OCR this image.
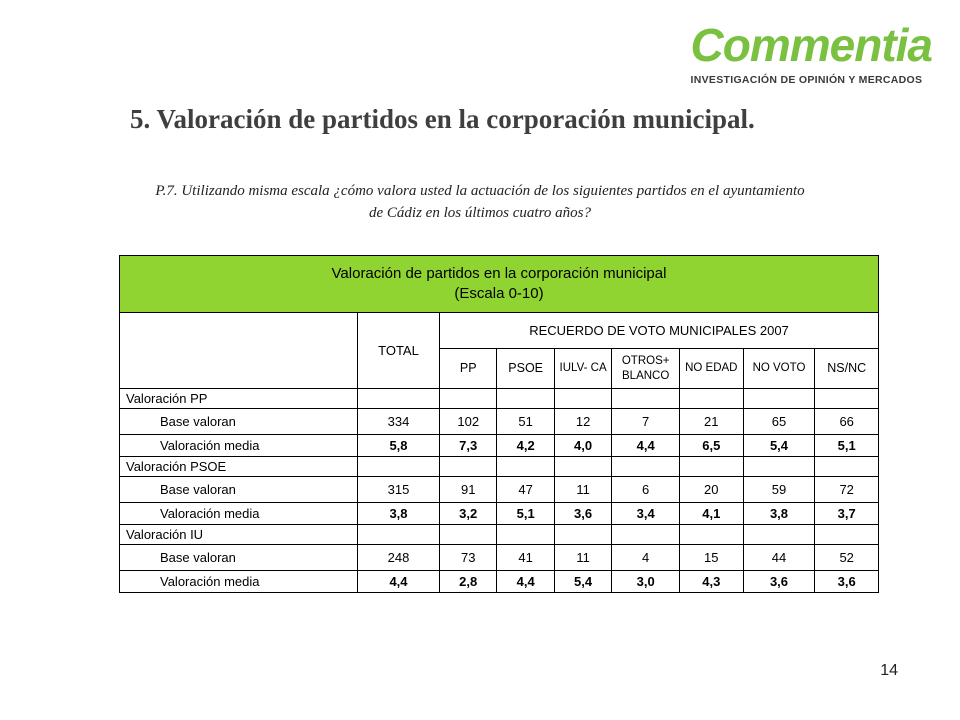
Commentia
INVESTIGACIÓN DE OPINIÓN Y MERCADOS
5. Valoración de partidos en la corporación municipal.
P.7. Utilizando misma escala ¿cómo valora usted la actuación de los siguientes partidos en el ayuntamiento
de Cádiz en los últimos cuatro años?
Valoración de partidos en la corporación municipal
(Escala 0-10)								

	TOTAL	RECUERDO DE VOTO MUNICIPALES 2007						
		PP	PSOE	IULV- CA	OTROS+ BLANCO	NO EDAD	NO VOTO	NS/NC
Valoración PP								
Base valoran	334	102	51	12	7	21	65	66
Valoración media	5,8	7,3	4,2	4,0	4,4	6,5	5,4	5,1
Valoración PSOE								
Base valoran	315	91	47	11	6	20	59	72
Valoración media	3,8	3,2	5,1	3,6	3,4	4,1	3,8	3,7
Valoración IU								
Base valoran	248	73	41	11	4	15	44	52
Valoración media	4,4	2,8	4,4	5,4	3,0	4,3	3,6	3,6
14
